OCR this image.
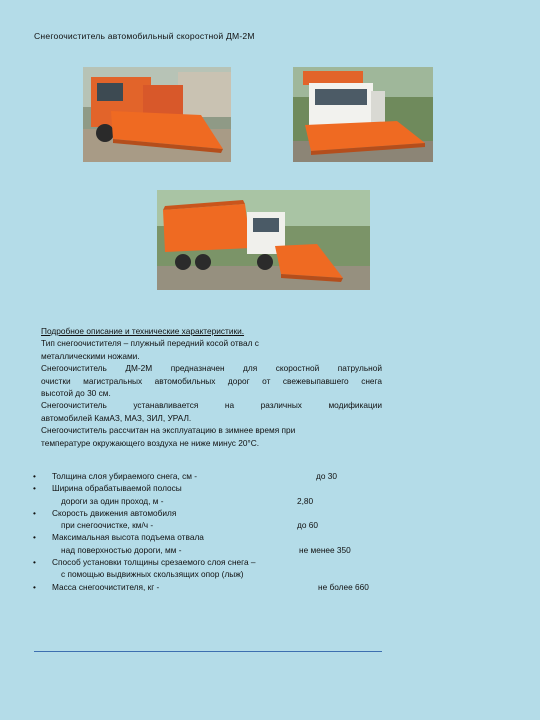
Снегоочиститель автомобильный скоростной ДМ-2М

Подробное описание и технические характеристики.

Тип снегоочистителя – плужный передний косой отвал с

металлическими ножами.

Снегоочиститель ДМ-2М предназначен для скоростной патрульной

очистки магистральных автомобильных дорог от свежевыпавшего снега

высотой до 30 см.

Снегоочиститель устанавливается на различных модификации

автомобилей КамАЗ, МАЗ, ЗИЛ, УРАЛ.

Снегоочиститель рассчитан на эксплуатацию в зимнее время при

температуре окружающего воздуха не ниже минус 20°С.

• Толщина слоя убираемого снега, см -	до 30
• Ширина обрабатываемой полосы
дороги за один проход, м -	2,80
• Скорость движения автомобиля
при снегоочистке, км/ч -	до 60
• Максимальная высота подъема отвала
над поверхностью дороги, мм -	не менее 350
• Способ установки толщины срезаемого слоя снега –
с помощью выдвижных скользящих опор (лыж)
• Масса снегоочистителя, кг -	не более 660
